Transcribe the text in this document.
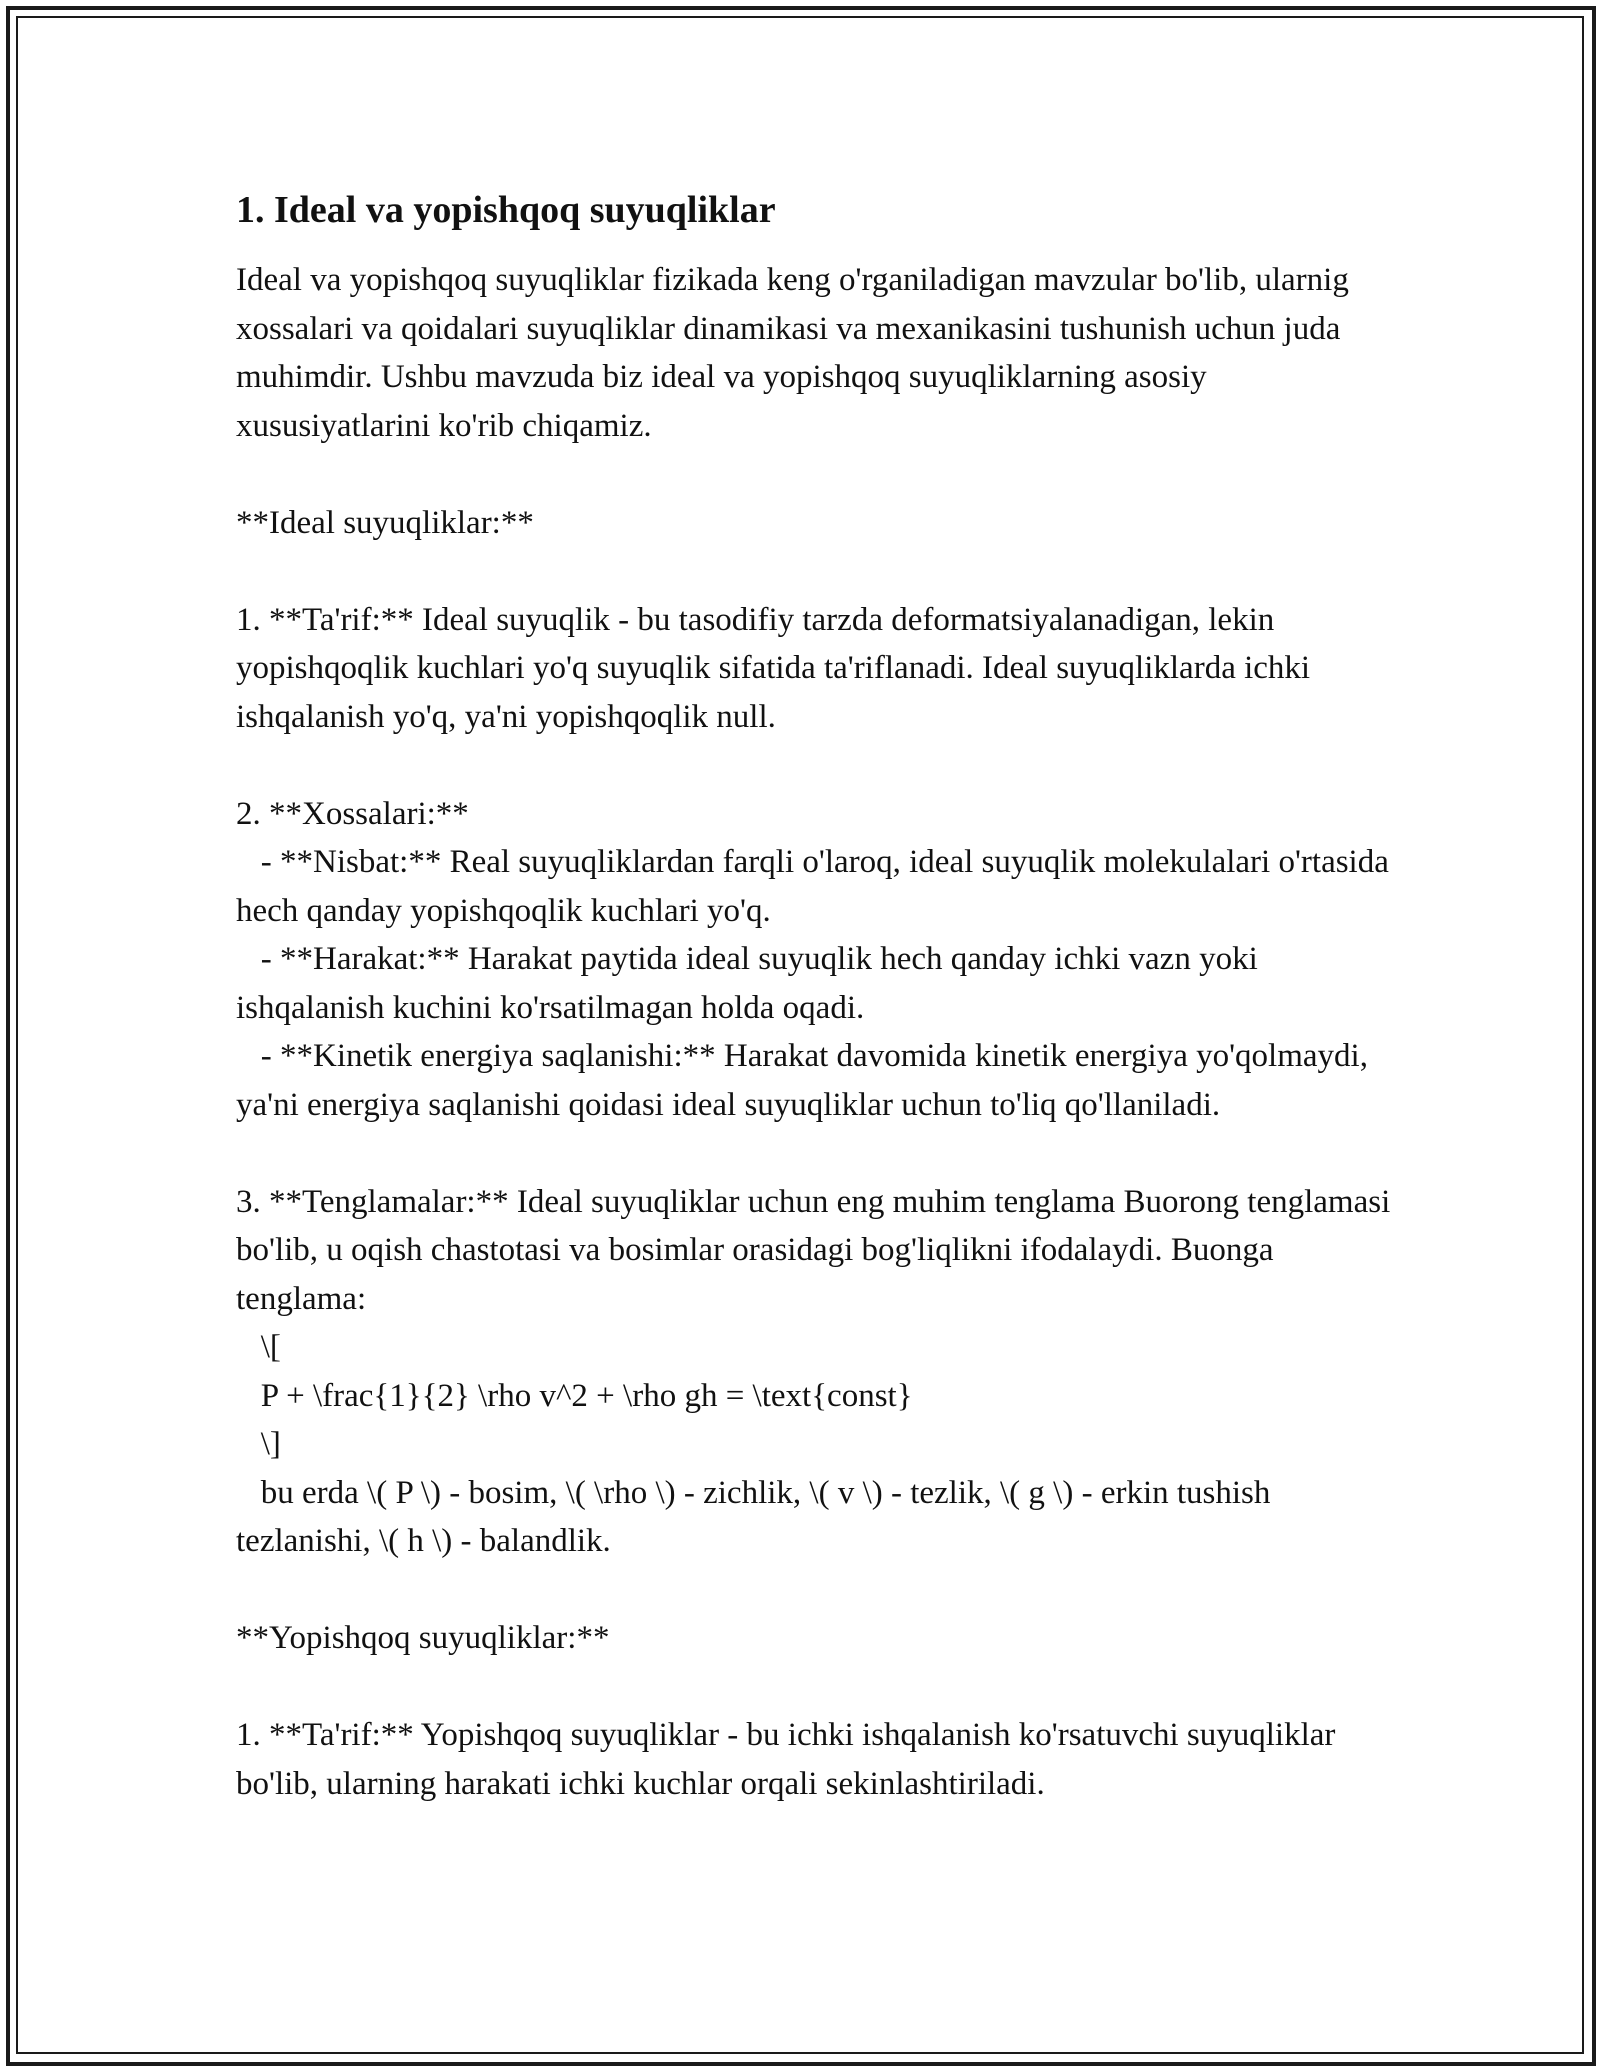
1. Ideal va yopishqoq suyuqliklar

Ideal va yopishqoq suyuqliklar fizikada keng o'rganiladigan mavzular bo'lib, ularnig xossalari va qoidalari suyuqliklar dinamikasi va mexanikasini tushunish uchun juda muhimdir. Ushbu mavzuda biz ideal va yopishqoq suyuqliklarning asosiy xususiyatlarini ko'rib chiqamiz.

**Ideal suyuqliklar:**

1. **Ta'rif:** Ideal suyuqlik - bu tasodifiy tarzda deformatsiyalanadigan, lekin yopishqoqlik kuchlari yo'q suyuqlik sifatida ta'riflanadi. Ideal suyuqliklarda ichki ishqalanish yo'q, ya'ni yopishqoqlik null.

2. **Xossalari:**

- **Nisbat:** Real suyuqliklardan farqli o'laroq, ideal suyuqlik molekulalari o'rtasida hech qanday yopishqoqlik kuchlari yo'q.

- **Harakat:** Harakat paytida ideal suyuqlik hech qanday ichki vazn yoki ishqalanish kuchini ko'rsatilmagan holda oqadi.

- **Kinetik energiya saqlanishi:** Harakat davomida kinetik energiya yo'qolmaydi, ya'ni energiya saqlanishi qoidasi ideal suyuqliklar uchun to'liq qo'llaniladi.

3. **Tenglamalar:** Ideal suyuqliklar uchun eng muhim tenglama Buorong tenglamasi bo'lib, u oqish chastotasi va bosimlar orasidagi bog'liqlikni ifodalaydi. Buonga tenglama:

\[

P + \frac{1}{2} \rho v^2 + \rho gh = \text{const}

\]

bu erda \( P \) - bosim, \( \rho \) - zichlik, \( v \) - tezlik, \( g \) - erkin tushish tezlanishi, \( h \) - balandlik.

**Yopishqoq suyuqliklar:**

1. **Ta'rif:** Yopishqoq suyuqliklar - bu ichki ishqalanish ko'rsatuvchi suyuqliklar bo'lib, ularning harakati ichki kuchlar orqali sekinlashtiriladi.
